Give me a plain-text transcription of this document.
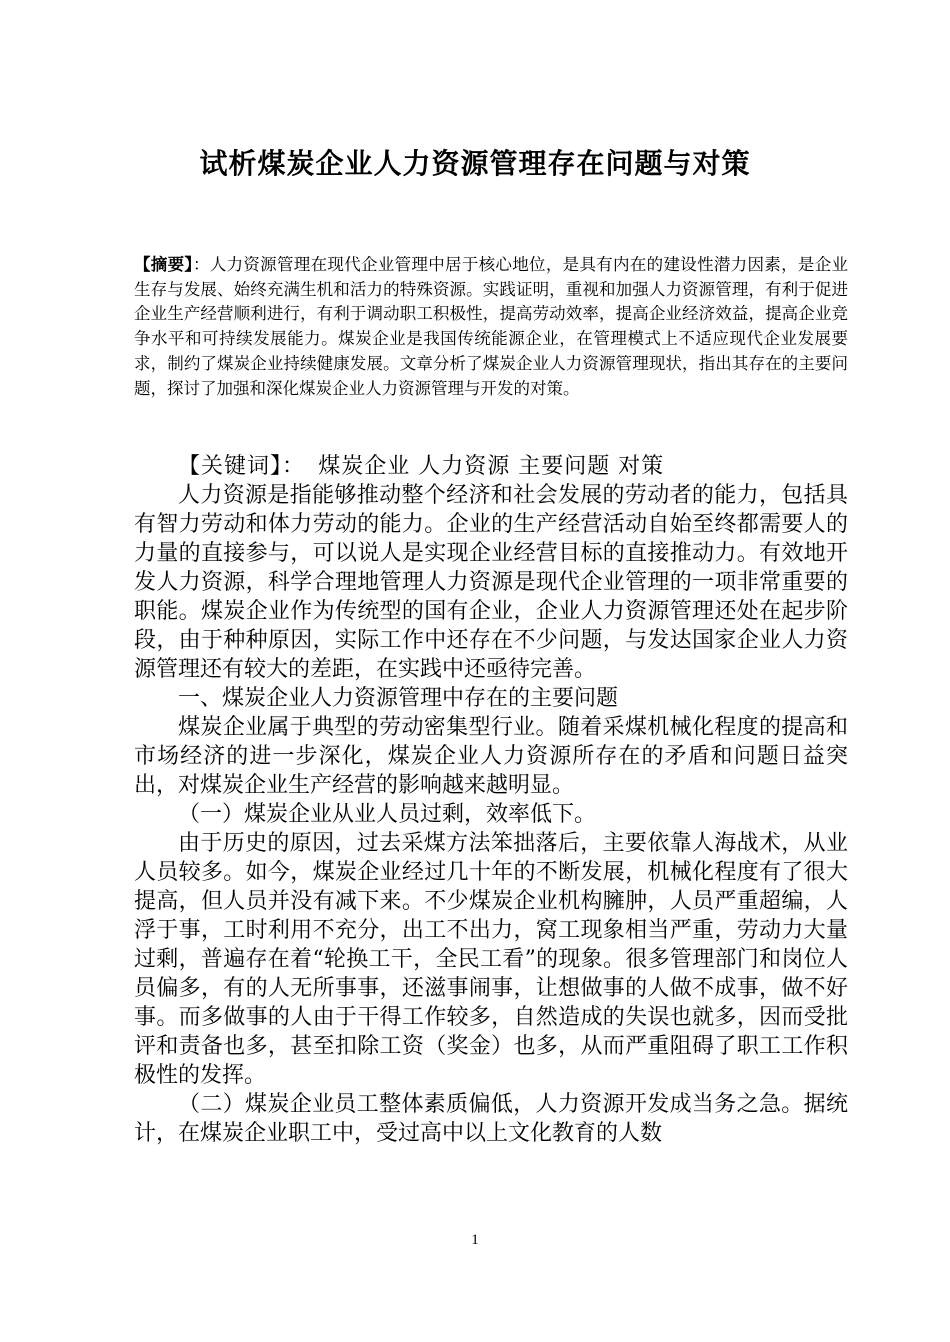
试析煤炭企业人力资源管理存在问题与对策

【摘要】：人力资源管理在现代企业管理中居于核心地位，是具有内在的建设性潜力因素，是企业生存与发展、始终充满生机和活力的特殊资源。实践证明，重视和加强人力资源管理，有利于促进企业生产经营顺利进行，有利于调动职工积极性，提高劳动效率，提高企业经济效益，提高企业竞争水平和可持续发展能力。煤炭企业是我国传统能源企业，在管理模式上不适应现代企业发展要求，制约了煤炭企业持续健康发展。文章分析了煤炭企业人力资源管理现状，指出其存在的主要问题，探讨了加强和深化煤炭企业人力资源管理与开发的对策。

【关键词】： 煤炭企业 人力资源 主要问题 对策

人力资源是指能够推动整个经济和社会发展的劳动者的能力，包括具有智力劳动和体力劳动的能力。企业的生产经营活动自始至终都需要人的力量的直接参与，可以说人是实现企业经营目标的直接推动力。有效地开发人力资源，科学合理地管理人力资源是现代企业管理的一项非常重要的职能。煤炭企业作为传统型的国有企业，企业人力资源管理还处在起步阶段，由于种种原因，实际工作中还存在不少问题，与发达国家企业人力资源管理还有较大的差距，在实践中还亟待完善。

一、煤炭企业人力资源管理中存在的主要问题

煤炭企业属于典型的劳动密集型行业。随着采煤机械化程度的提高和市场经济的进一步深化，煤炭企业人力资源所存在的矛盾和问题日益突出，对煤炭企业生产经营的影响越来越明显。

（一）煤炭企业从业人员过剩，效率低下。

由于历史的原因，过去采煤方法笨拙落后，主要依靠人海战术，从业人员较多。如今，煤炭企业经过几十年的不断发展，机械化程度有了很大提高，但人员并没有减下来。不少煤炭企业机构臃肿，人员严重超编，人浮于事，工时利用不充分，出工不出力，窝工现象相当严重，劳动力大量过剩，普遍存在着“轮换工干，全民工看”的现象。很多管理部门和岗位人员偏多，有的人无所事事，还滋事闹事，让想做事的人做不成事，做不好事。而多做事的人由于干得工作较多，自然造成的失误也就多，因而受批评和责备也多，甚至扣除工资（奖金）也多，从而严重阻碍了职工工作积极性的发挥。

（二）煤炭企业员工整体素质偏低，人力资源开发成当务之急。据统计，在煤炭企业职工中，受过高中以上文化教育的人数

1
